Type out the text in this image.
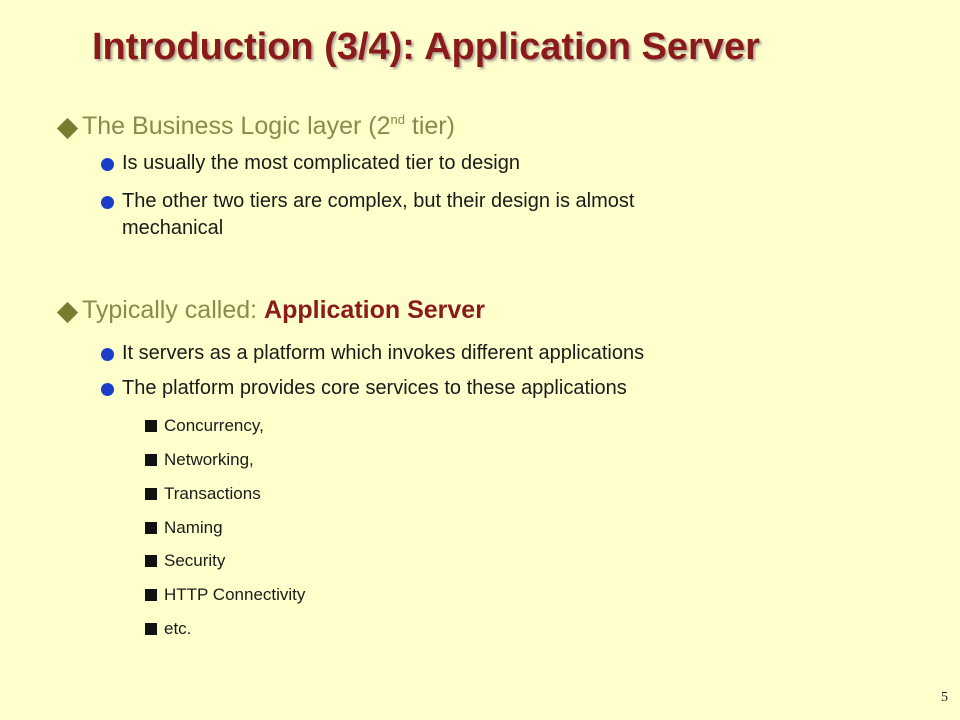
Introduction (3/4): Application Server
The Business Logic layer (2nd tier)
Is usually the most complicated tier to design
The other two tiers are complex, but their design is almost
mechanical
Typically called: Application Server
It servers as a platform which invokes different applications
The platform provides core services to these applications
Concurrency,
Networking,
Transactions
Naming
Security
HTTP Connectivity
etc.
5
